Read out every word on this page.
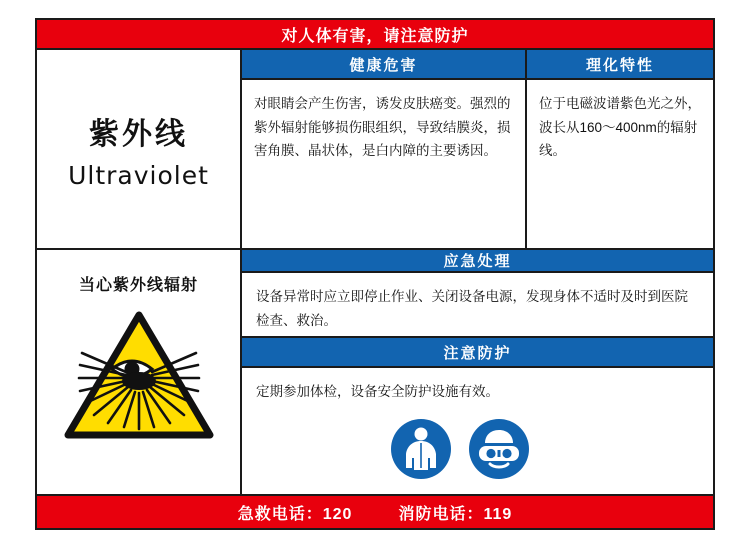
对人体有害，请注意防护
紫外线
Ultraviolet
健康危害
对眼睛会产生伤害，诱发皮肤癌变。强烈的紫外辐射能够损伤眼组织，导致结膜炎，损害角膜、晶状体，是白内障的主要诱因。
理化特性
位于电磁波谱紫色光之外，波长从160～400nm的辐射线。
当心紫外线辐射
应急处理
设备异常时应立即停止作业、关闭设备电源，发现身体不适时及时到医院检查、救治。
注意防护
定期参加体检，设备安全防护设施有效。
急救电话：120	消防电话：119
